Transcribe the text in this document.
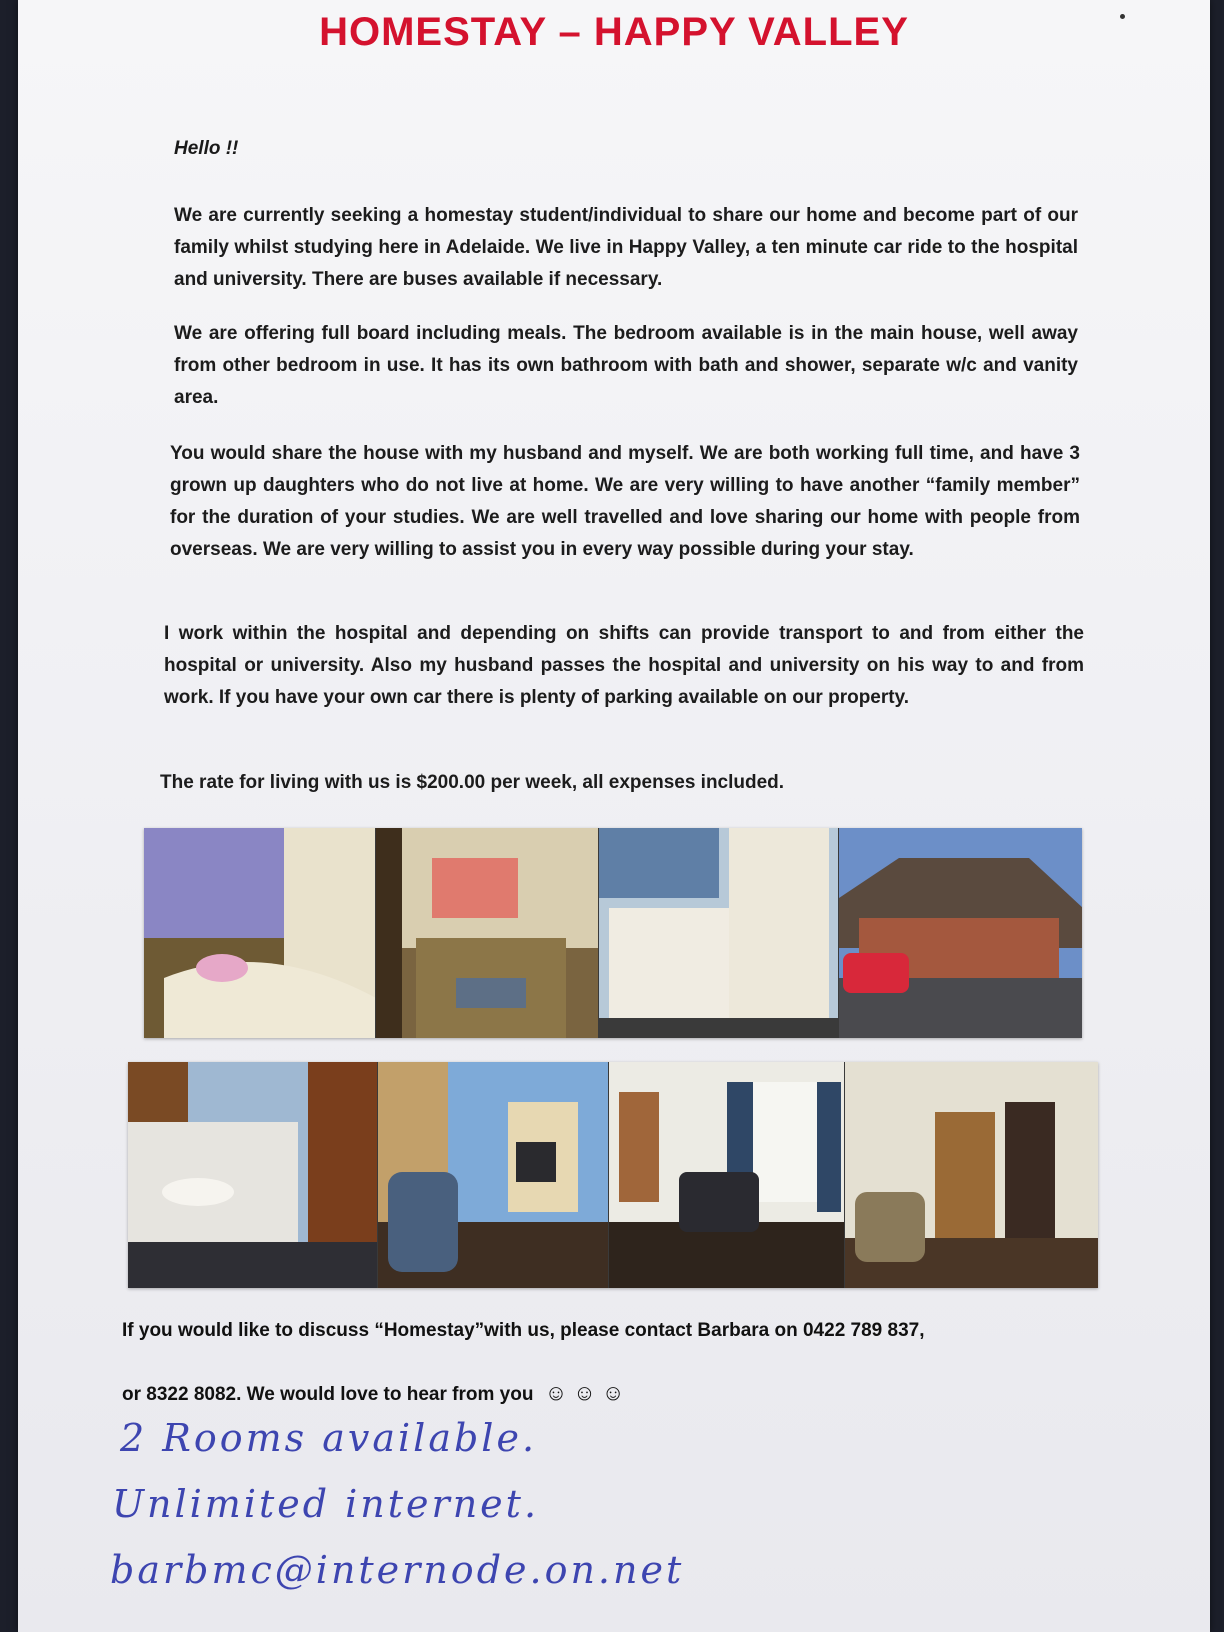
HOMESTAY – HAPPY VALLEY
Hello !!

We are currently seeking a homestay student/individual to share our home and become part of our family whilst studying here in Adelaide. We live in Happy Valley, a ten minute car ride to the hospital and university. There are buses available if necessary.

We are offering full board including meals. The bedroom available is in the main house, well away from other bedroom in use. It has its own bathroom with bath and shower, separate w/c and vanity area.

You would share the house with my husband and myself. We are both working full time, and have 3 grown up daughters who do not live at home. We are very willing to have another “family member” for the duration of your studies. We are well travelled and love sharing our home with people from overseas. We are very willing to assist you in every way possible during your stay.

I work within the hospital and depending on shifts can provide transport to and from either the hospital or university. Also my husband passes the hospital and university on his way to and from work. If you have your own car there is plenty of parking available on our property.

The rate for living with us is $200.00 per week, all expenses included.
If you would like to discuss “Homestay”with us, please contact Barbara on 0422 789 837,
or 8322 8082. We would love to hear from you ☺ ☺ ☺
2 Rooms available.
Unlimited internet.
barbmc@internode.on.net
